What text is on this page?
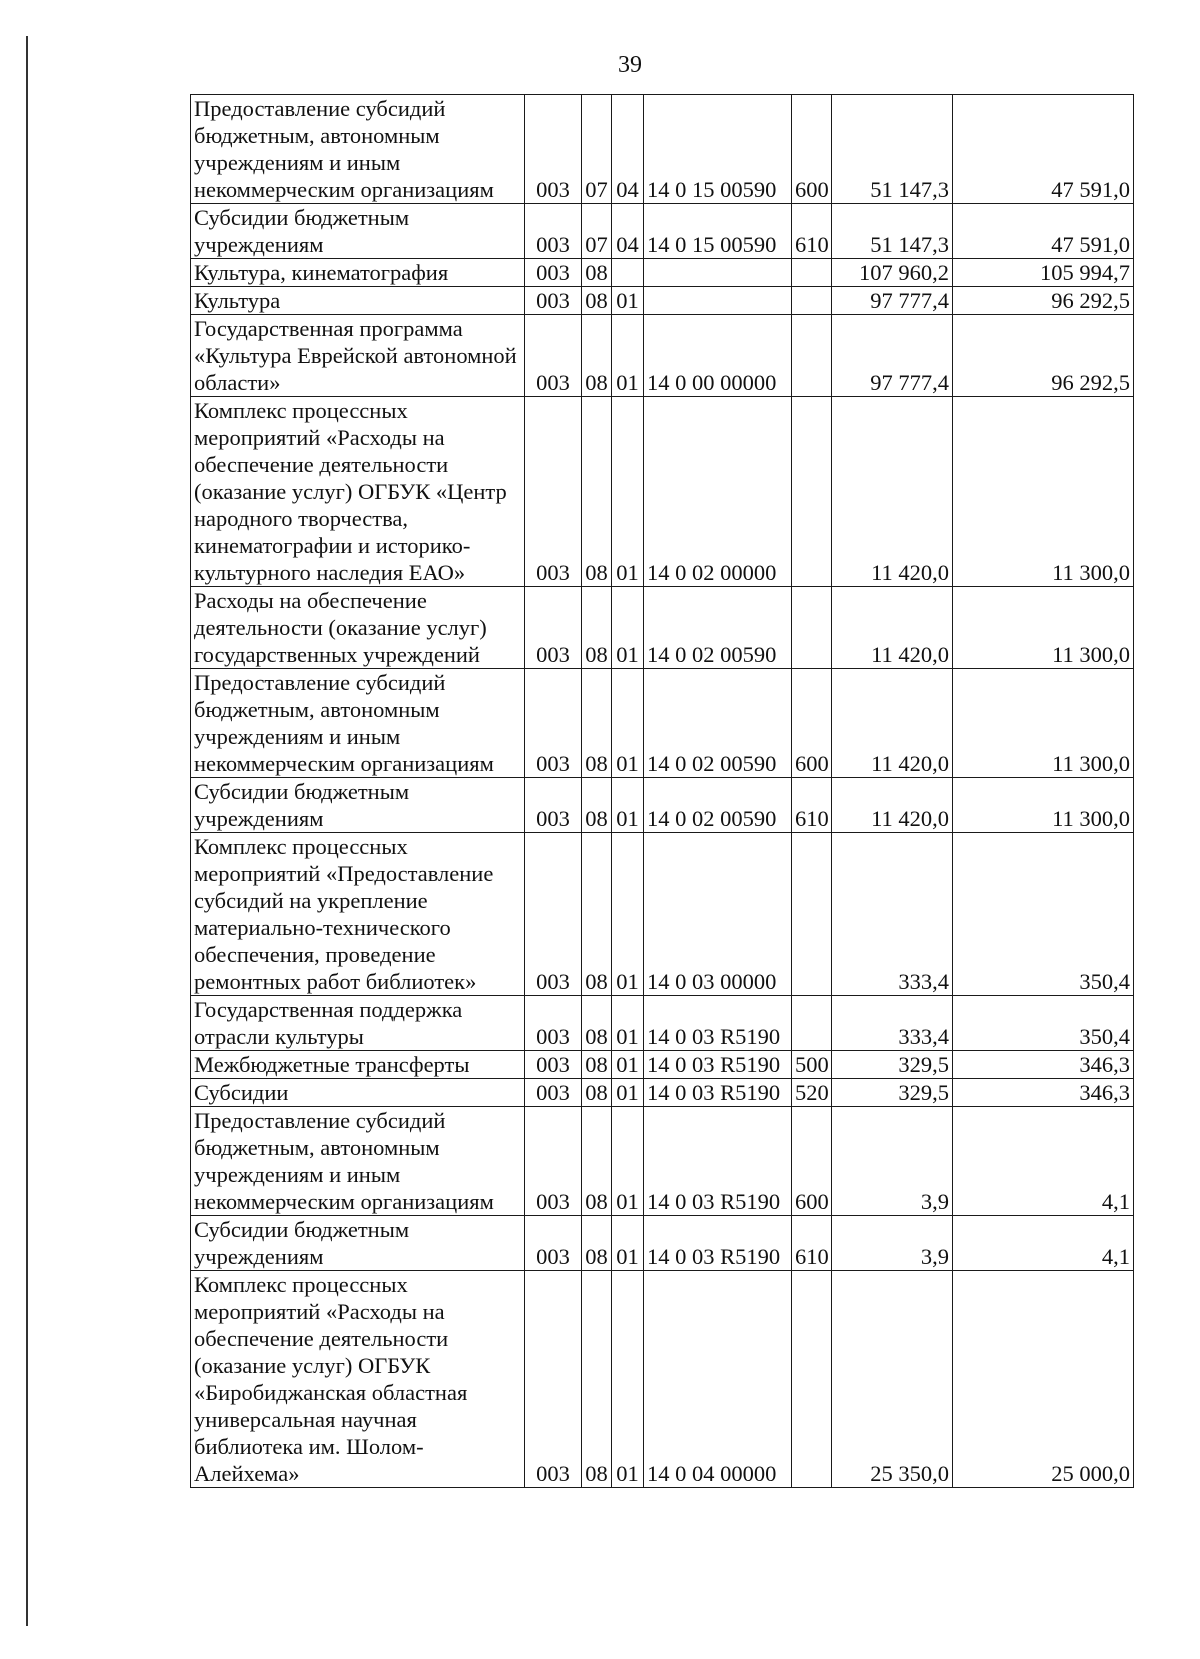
39
Предоставление субсидий бюджетным, автономным учреждениям и иным некоммерческим организациям	003	07	04	14 0 15 00590	600	51 147,3	47 591,0
Субсидии бюджетным учреждениям	003	07	04	14 0 15 00590	610	51 147,3	47 591,0
Культура, кинематография	003	08				107 960,2	105 994,7
Культура	003	08	01			97 777,4	96 292,5
Государственная программа «Культура Еврейской автономной области»	003	08	01	14 0 00 00000		97 777,4	96 292,5
Комплекс процессных мероприятий «Расходы на обеспечение деятельности (оказание услуг) ОГБУК «Центр народного творчества, кинематографии и историко-культурного наследия ЕАО»	003	08	01	14 0 02 00000		11 420,0	11 300,0
Расходы на обеспечение деятельности (оказание услуг) государственных учреждений	003	08	01	14 0 02 00590		11 420,0	11 300,0
Предоставление субсидий бюджетным, автономным учреждениям и иным некоммерческим организациям	003	08	01	14 0 02 00590	600	11 420,0	11 300,0
Субсидии бюджетным учреждениям	003	08	01	14 0 02 00590	610	11 420,0	11 300,0
Комплекс процессных мероприятий «Предоставление субсидий на укрепление материально-технического обеспечения, проведение ремонтных работ библиотек»	003	08	01	14 0 03 00000		333,4	350,4
Государственная поддержка отрасли культуры	003	08	01	14 0 03 R5190		333,4	350,4
Межбюджетные трансферты	003	08	01	14 0 03 R5190	500	329,5	346,3
Субсидии	003	08	01	14 0 03 R5190	520	329,5	346,3
Предоставление субсидий бюджетным, автономным учреждениям и иным некоммерческим организациям	003	08	01	14 0 03 R5190	600	3,9	4,1
Субсидии бюджетным учреждениям	003	08	01	14 0 03 R5190	610	3,9	4,1
Комплекс процессных мероприятий «Расходы на обеспечение деятельности (оказание услуг) ОГБУК «Биробиджанская областная универсальная научная библиотека им. Шолом-Алейхема»	003	08	01	14 0 04 00000		25 350,0	25 000,0
